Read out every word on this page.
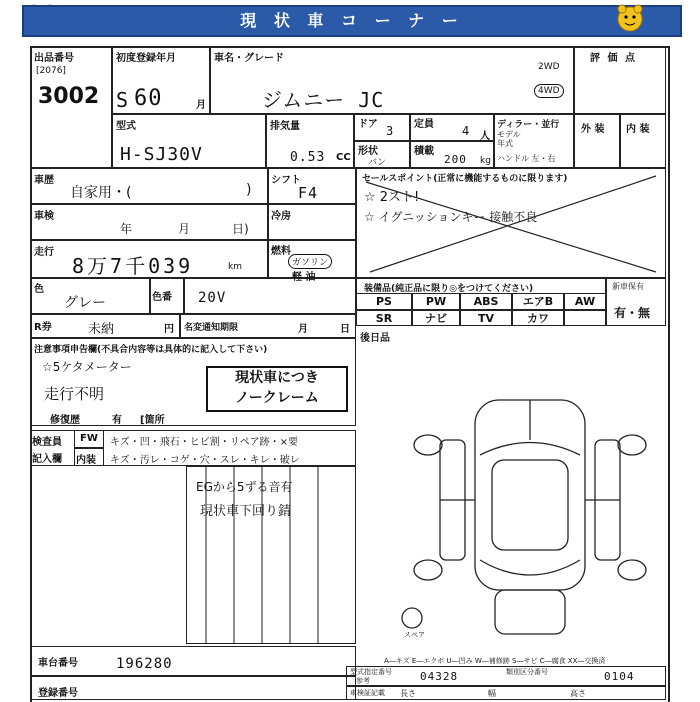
現 状 車 コ ー ナ ー
出品番号
[2076]
3002
初度登録年月
S 60	月
車名・グレード
ジムニー JC
2WD
4WD
評 価 点
外 装 内 装
型式
H-SJ30V
排気量
0.53 CC
ドア 3 定員 4 人
形状
バン
積載
200 kg
ディラー・並行
モデル
年式
ハンドル 左・右
車歴
自家用・(	)
シフト
F4
車検
年	月	日)
冷房
走行
8万7千039	km
燃料
ガソリン
軽 油
色
グレー	色番 20V
R券	未納	円 名変通知期限	月	日
セールスポイント(正常に機能するものに限ります)
☆ 2スト!
☆ イグニッションキー 接触不良
装備品(純正品に限り◎をつけてください)
PS	PW	ABS	エアB	AW
SR	ナビ	TV	カワ
新車保有
有・無
後日品
注意事項申告欄(不具合内容等は具体的に記入して下さい)
☆5ケタメーター
走行不明
修復歴	有 [箇所
現状車につき
ノークレーム
検査員
記入欄
FW キズ・凹・飛石・ヒビ割・リペア跡・×要
内装 キズ・汚レ・コゲ・穴・スレ・キレ・破レ
EGから5ずる音有
現状車下回り錆
スペア
A―キズ E―エクボ U―凹み W―補修跡 S―サビ C―腐食 XX―交換済
車台番号	196280
登録番号
型式指定番号
参考	04328	類別区分番号	0104
車検証記載 長さ	幅	高さ
